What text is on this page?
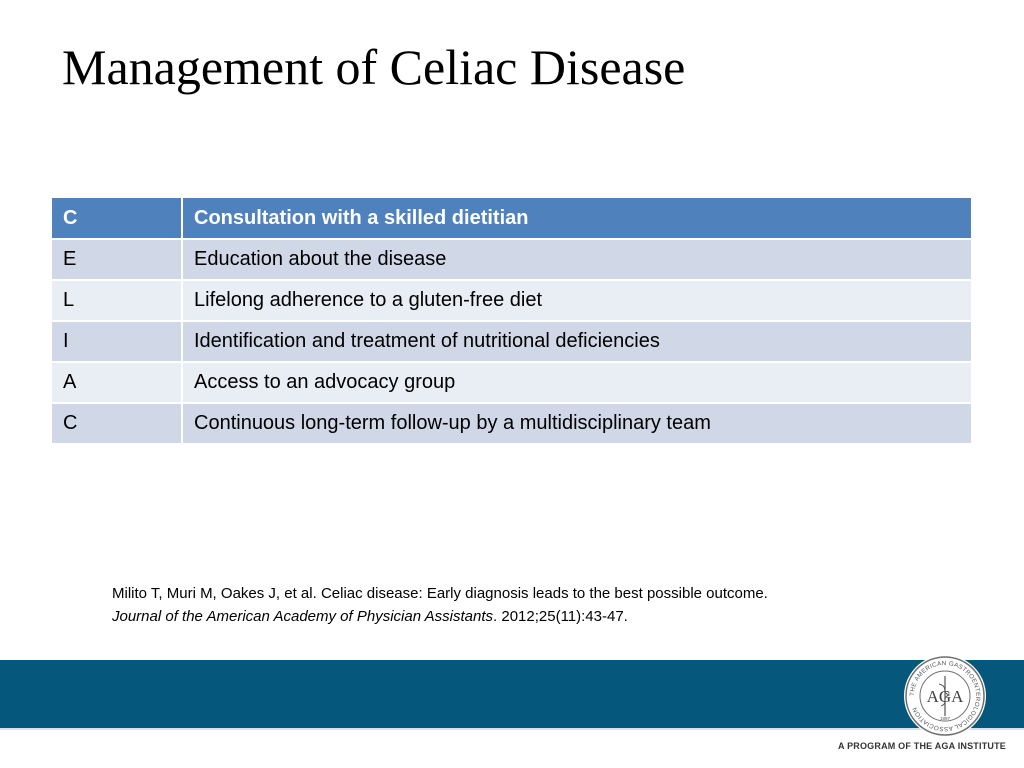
Management of Celiac Disease
C	Consultation with a skilled dietitian
E	Education about the disease
L	Lifelong adherence to a gluten-free diet
I	Identification and treatment of nutritional deficiencies
A	Access to an advocacy group
C	Continuous long-term follow-up by a multidisciplinary team
Milito T, Muri M, Oakes J, et al. Celiac disease: Early diagnosis leads to the best possible outcome.
Journal of the American Academy of Physician Assistants. 2012;25(11):43-47.
THE AMERICAN GASTROENTEROLOGICAL ASSOCIATION
AGA
1897
A PROGRAM OF THE AGA INSTITUTE
